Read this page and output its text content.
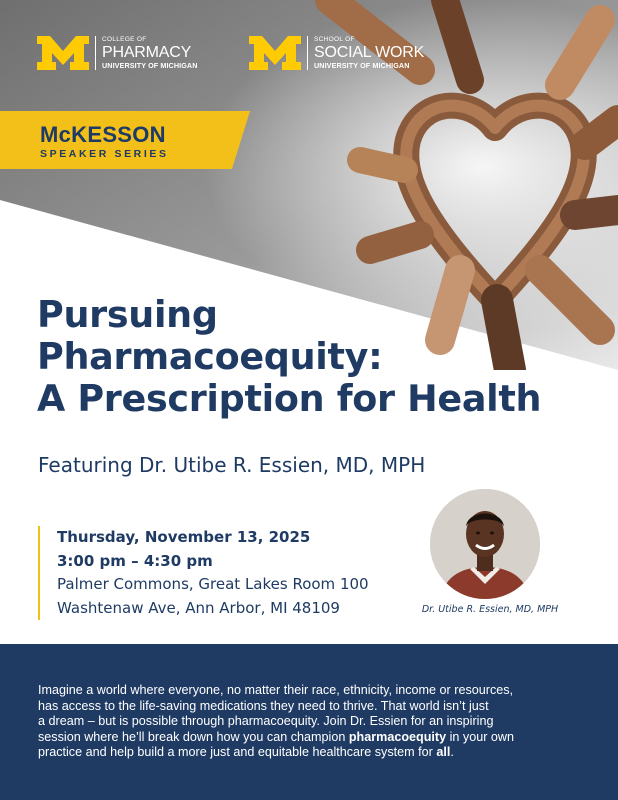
COLLEGE OF
PHARMACY
UNIVERSITY OF MICHIGAN
SCHOOL OF
SOCIAL WORK
UNIVERSITY OF MICHIGAN
McKESSON
SPEAKER SERIES
Pursuing
Pharmacoequity:
A Prescription for Health
Featuring Dr. Utibe R. Essien, MD, MPH
Thursday, November 13, 2025
3:00 pm – 4:30 pm
Palmer Commons, Great Lakes Room 100
Washtenaw Ave, Ann Arbor, MI 48109	Dr. Utibe R. Essien, MD, MPH

Imagine a world where everyone, no matter their race, ethnicity, income or resources,
has access to the life-saving medications they need to thrive. That world isn’t just
a dream – but is possible through pharmacoequity. Join Dr. Essien for an inspiring
session where he’ll break down how you can champion pharmacoequity in your own
practice and help build a more just and equitable healthcare system for all.
